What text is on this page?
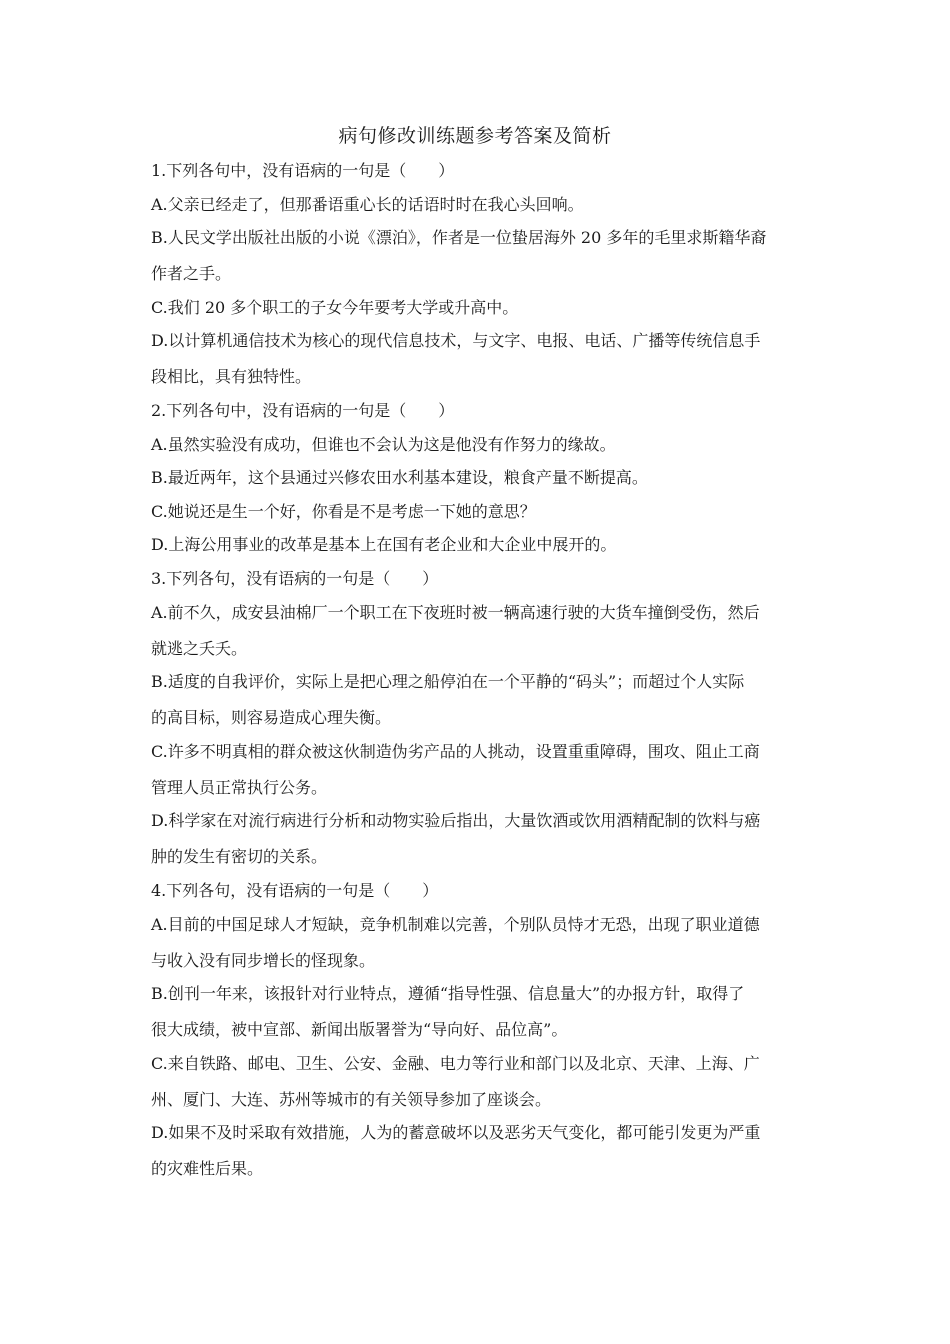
病句修改训练题参考答案及简析
1.下列各句中，没有语病的一句是（　　）
A.父亲已经走了，但那番语重心长的话语时时在我心头回响。
B.人民文学出版社出版的小说《漂泊》，作者是一位蛰居海外 20 多年的毛里求斯籍华裔
作者之手。
C.我们 20 多个职工的子女今年要考大学或升高中。
D.以计算机通信技术为核心的现代信息技术，与文字、电报、电话、广播等传统信息手
段相比，具有独特性。
2.下列各句中，没有语病的一句是（　　）
A.虽然实验没有成功，但谁也不会认为这是他没有作努力的缘故。
B.最近两年，这个县通过兴修农田水利基本建设，粮食产量不断提高。
C.她说还是生一个好，你看是不是考虑一下她的意思？
D.上海公用事业的改革是基本上在国有老企业和大企业中展开的。
3.下列各句，没有语病的一句是（　　）
A.前不久，成安县油棉厂一个职工在下夜班时被一辆高速行驶的大货车撞倒受伤，然后
就逃之夭夭。
B.适度的自我评价，实际上是把心理之船停泊在一个平静的“码头”；而超过个人实际
的高目标，则容易造成心理失衡。
C.许多不明真相的群众被这伙制造伪劣产品的人挑动，设置重重障碍，围攻、阻止工商
管理人员正常执行公务。
D.科学家在对流行病进行分析和动物实验后指出，大量饮酒或饮用酒精配制的饮料与癌
肿的发生有密切的关系。
4.下列各句，没有语病的一句是（　　）
A.目前的中国足球人才短缺，竞争机制难以完善，个别队员恃才无恐，出现了职业道德
与收入没有同步增长的怪现象。
B.创刊一年来，该报针对行业特点，遵循“指导性强、信息量大”的办报方针，取得了
很大成绩，被中宣部、新闻出版署誉为“导向好、品位高”。
C.来自铁路、邮电、卫生、公安、金融、电力等行业和部门以及北京、天津、上海、广
州、厦门、大连、苏州等城市的有关领导参加了座谈会。
D.如果不及时采取有效措施，人为的蓄意破坏以及恶劣天气变化，都可能引发更为严重
的灾难性后果。
